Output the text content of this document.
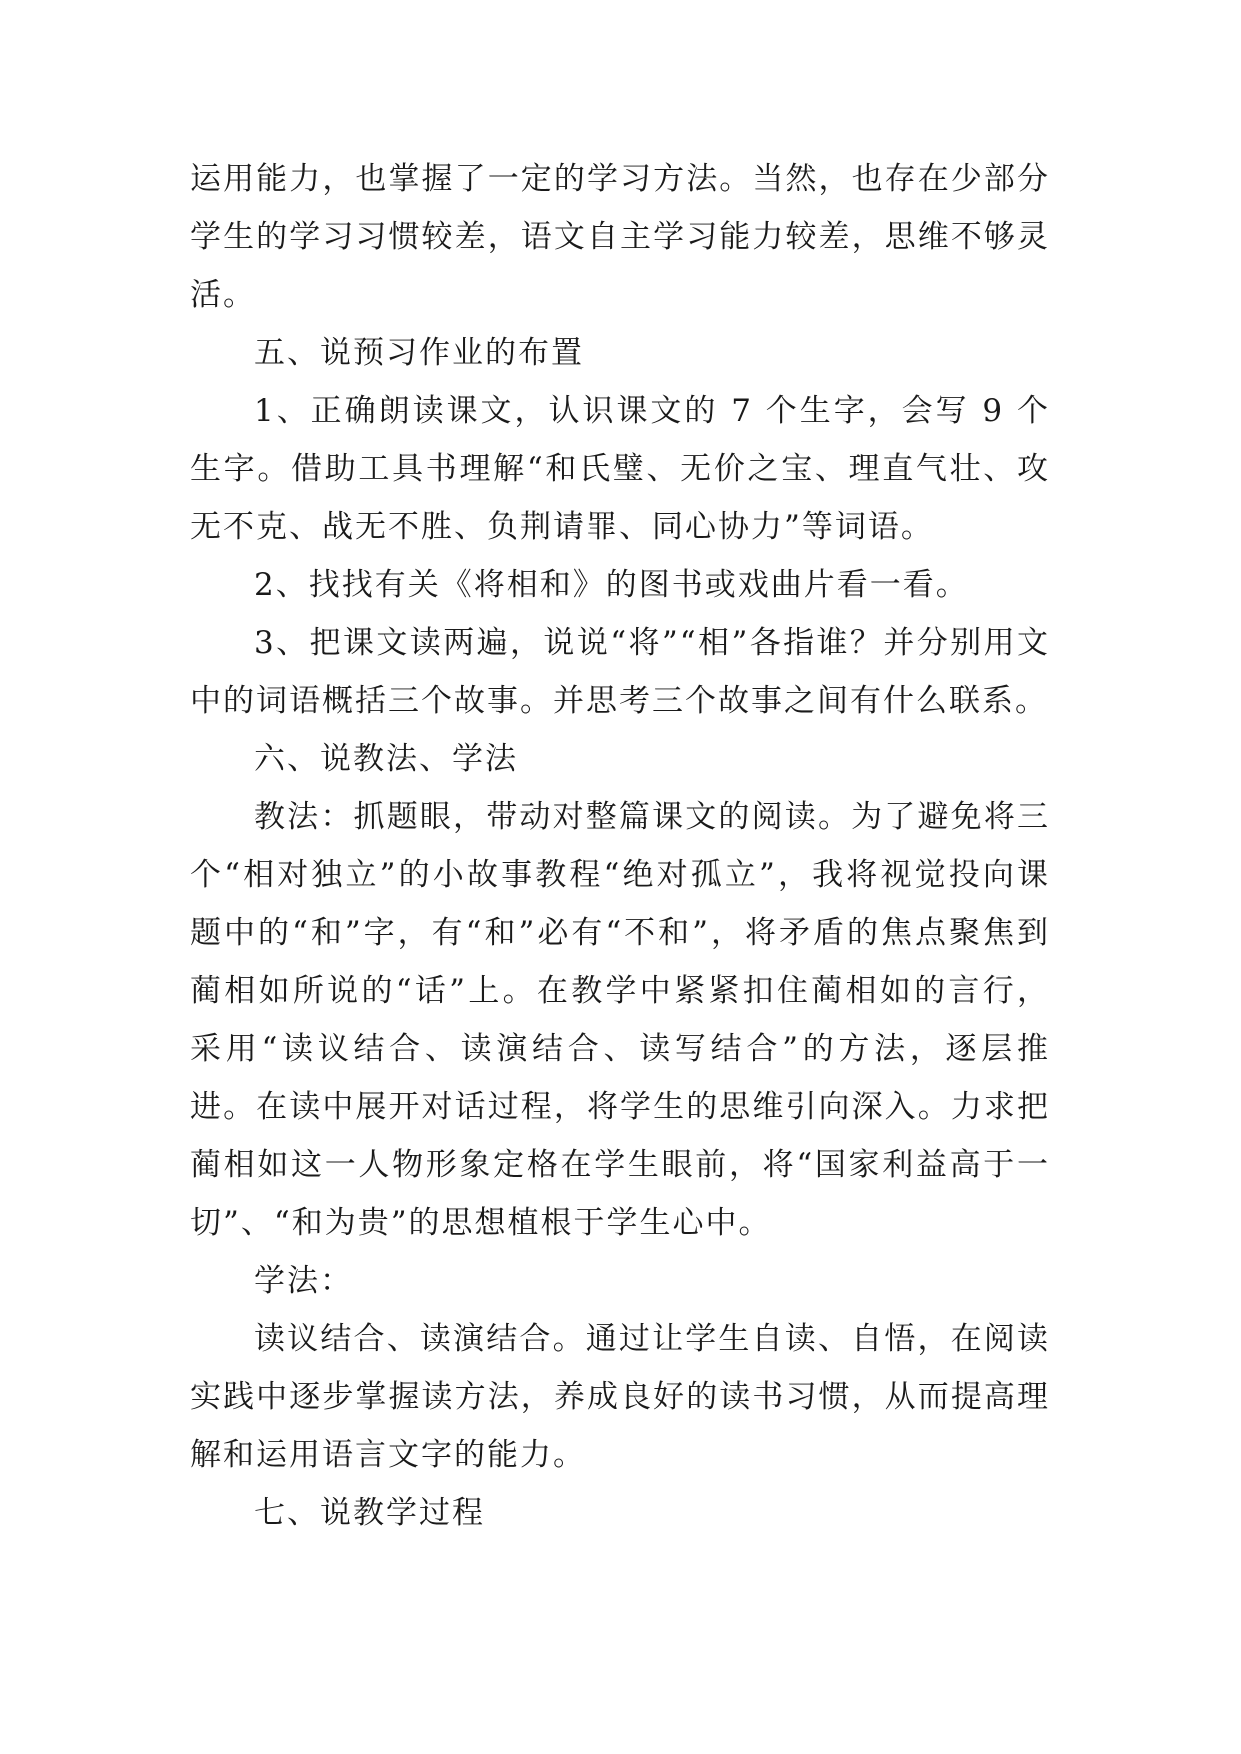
运用能力，也掌握了一定的学习方法。当然，也存在少部分学生的学习习惯较差，语文自主学习能力较差，思维不够灵活。

五、说预习作业的布置

1、正确朗读课文，认识课文的 7 个生字，会写 9 个生字。借助工具书理解“和氏璧、无价之宝、理直气壮、攻无不克、战无不胜、负荆请罪、同心协力”等词语。

2、找找有关《将相和》的图书或戏曲片看一看。

3、把课文读两遍，说说“将”“相”各指谁？并分别用文中的词语概括三个故事。并思考三个故事之间有什么联系。

六、说教法、学法

教法：抓题眼，带动对整篇课文的阅读。为了避免将三个“相对独立”的小故事教程“绝对孤立”，我将视觉投向课题中的“和”字，有“和”必有“不和”，将矛盾的焦点聚焦到蔺相如所说的“话”上。在教学中紧紧扣住蔺相如的言行，采用“读议结合、读演结合、读写结合”的方法，逐层推进。在读中展开对话过程，将学生的思维引向深入。力求把蔺相如这一人物形象定格在学生眼前，将“国家利益高于一切”、“和为贵”的思想植根于学生心中。

学法：

读议结合、读演结合。通过让学生自读、自悟，在阅读实践中逐步掌握读方法，养成良好的读书习惯，从而提高理解和运用语言文字的能力。

七、说教学过程
